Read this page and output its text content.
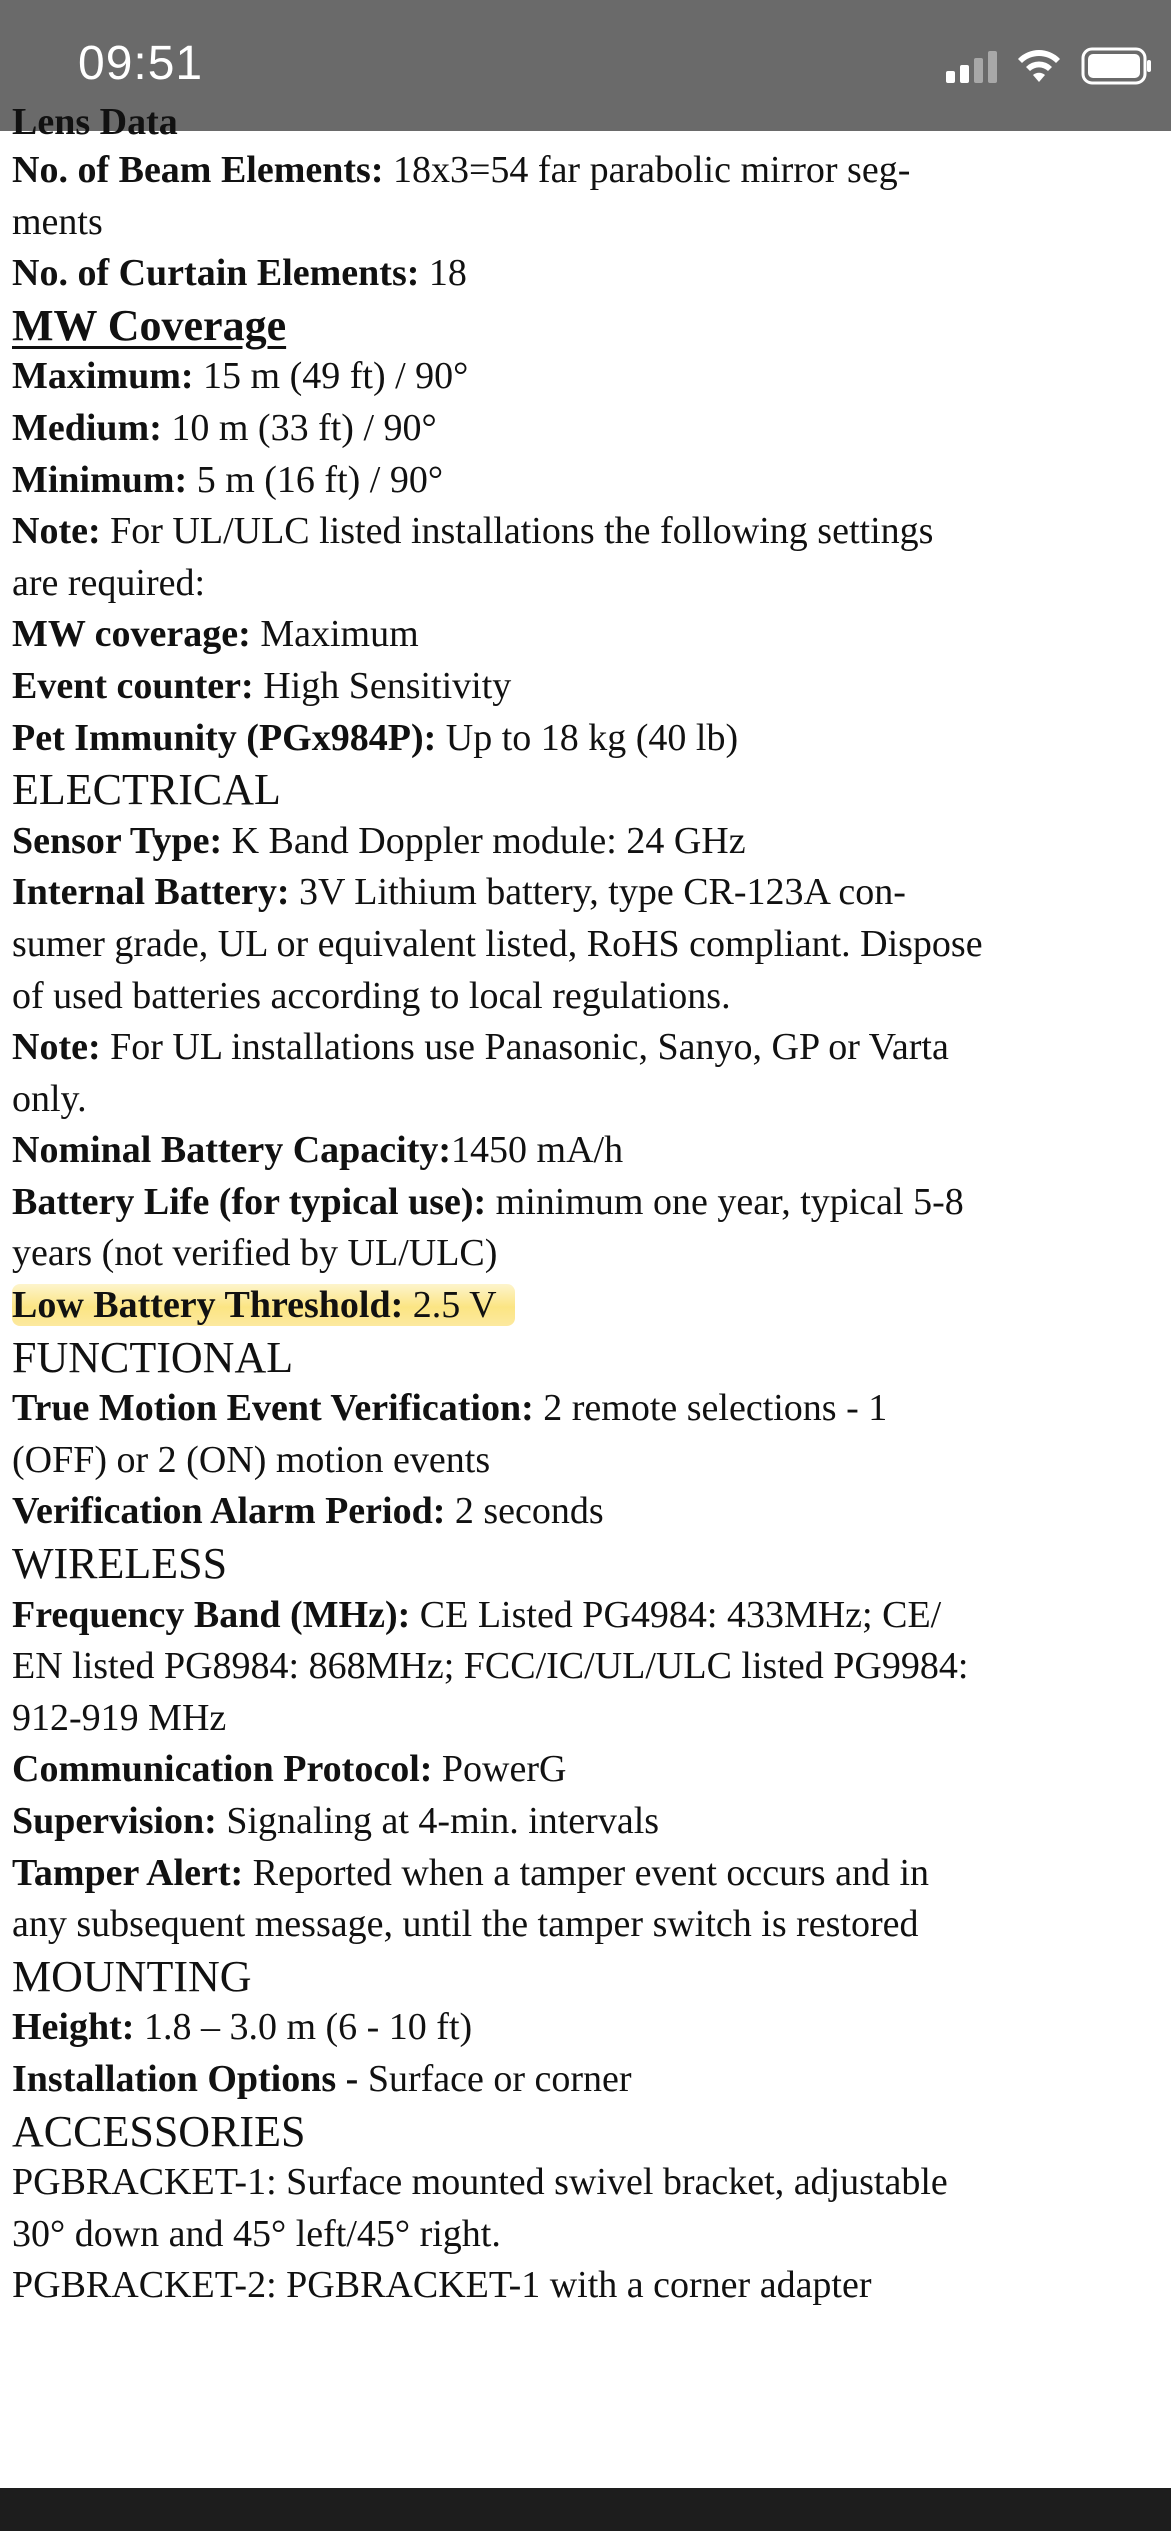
09:51
Lens Data

No. of Beam Elements: 18x3=54 far parabolic mirror seg-

ments

No. of Curtain Elements: 18

MW Coverage

Maximum: 15 m (49 ft) / 90°

Medium: 10 m (33 ft) / 90°

Minimum: 5 m (16 ft) / 90°

Note: For UL/ULC listed installations the following settings

are required:

MW coverage: Maximum

Event counter: High Sensitivity

Pet Immunity (PGx984P): Up to 18 kg (40 lb)

ELECTRICAL

Sensor Type: K Band Doppler module: 24 GHz

Internal Battery: 3V Lithium battery, type CR-123A con-

sumer grade, UL or equivalent listed, RoHS compliant. Dispose

of used batteries according to local regulations.

Note: For UL installations use Panasonic, Sanyo, GP or Varta

only.

Nominal Battery Capacity:1450 mA/h

Battery Life (for typical use): minimum one year, typical 5-8

years (not verified by UL/ULC)

Low Battery Threshold: 2.5 V

FUNCTIONAL

True Motion Event Verification: 2 remote selections - 1

(OFF) or 2 (ON) motion events

Verification Alarm Period: 2 seconds

WIRELESS

Frequency Band (MHz): CE Listed PG4984: 433MHz; CE/

EN listed PG8984: 868MHz; FCC/IC/UL/ULC listed PG9984:

912-919 MHz

Communication Protocol: PowerG

Supervision: Signaling at 4-min. intervals

Tamper Alert: Reported when a tamper event occurs and in

any subsequent message, until the tamper switch is restored

MOUNTING

Height: 1.8 – 3.0 m (6 - 10 ft)

Installation Options - Surface or corner

ACCESSORIES

PGBRACKET-1: Surface mounted swivel bracket, adjustable

30° down and 45° left/45° right.

PGBRACKET-2: PGBRACKET-1 with a corner adapter
